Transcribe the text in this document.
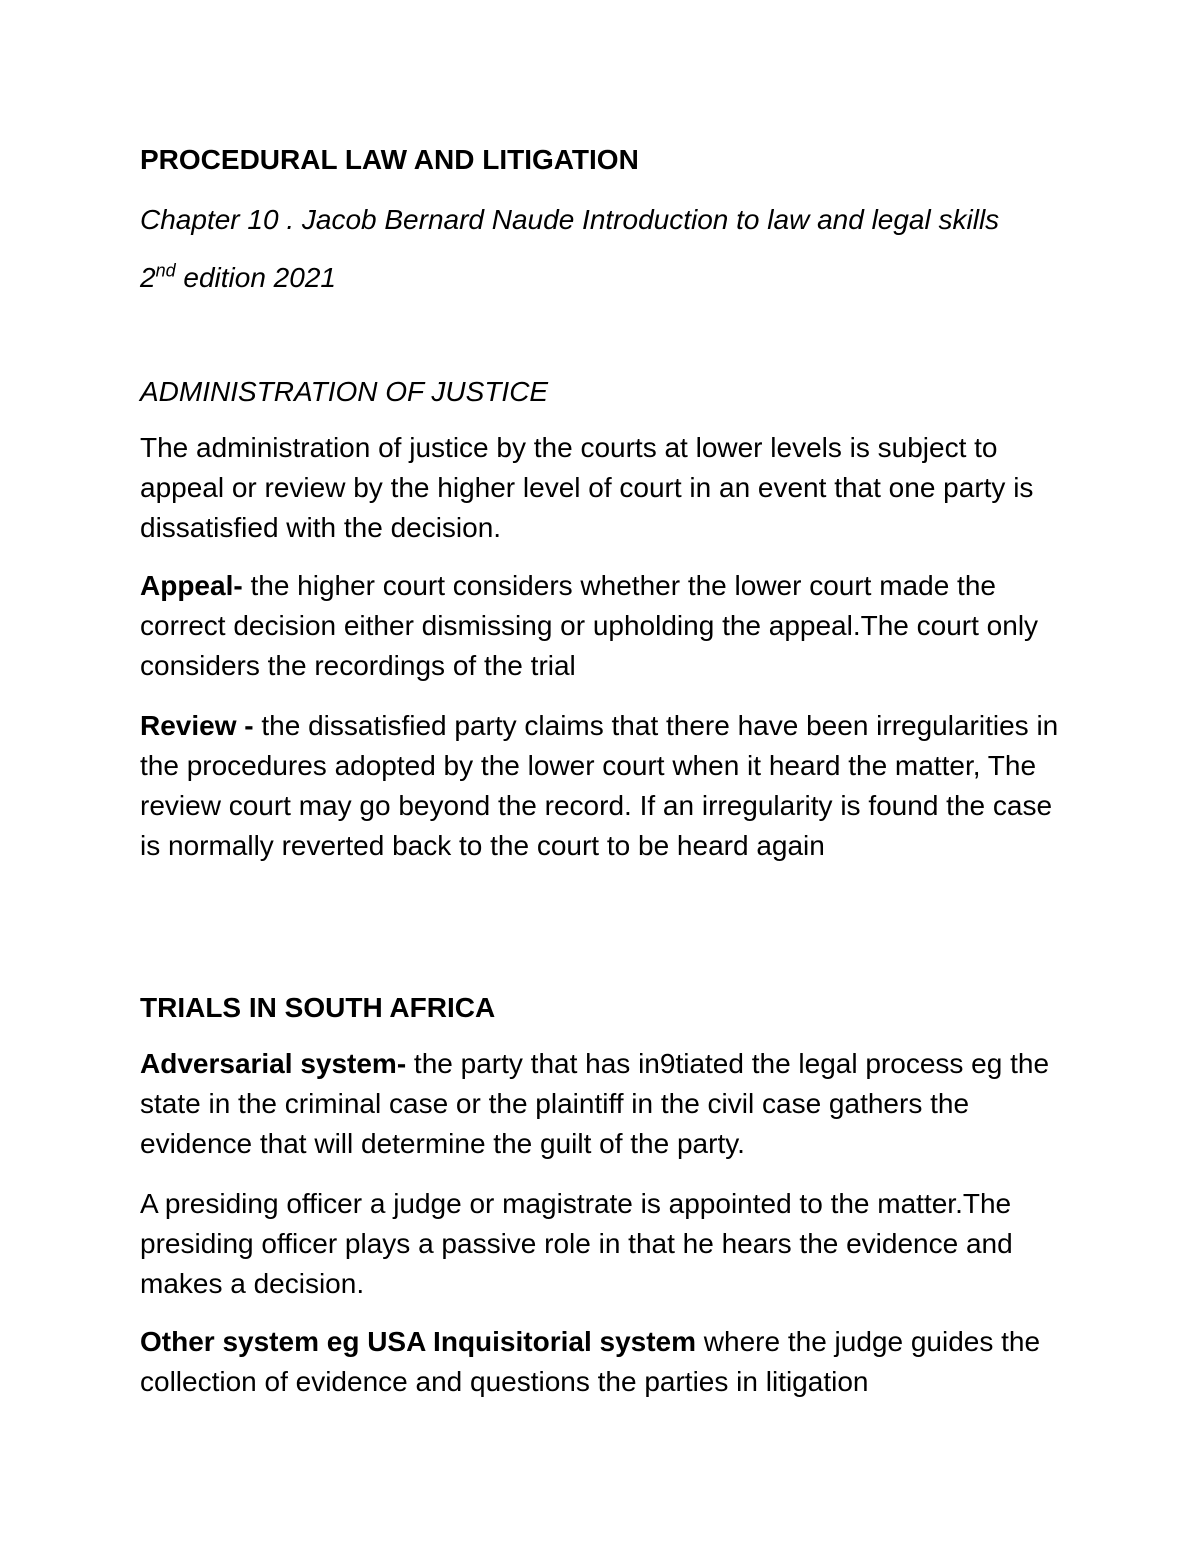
PROCEDURAL LAW AND LITIGATION

Chapter 10 . Jacob Bernard Naude Introduction to law and legal skills

2nd edition 2021

ADMINISTRATION OF JUSTICE

The administration of justice by the courts at lower levels is subject to appeal or review by the higher level of court in an event that one party is dissatisfied with the decision.

Appeal- the higher court considers whether the lower court made the correct decision either dismissing or upholding the appeal.The court only considers the recordings of the trial

Review - the dissatisfied party claims that there have been irregularities in the procedures adopted by the lower court when it heard the matter, The review court may go beyond the record. If an irregularity is found the case is normally reverted back to the court to be heard again

TRIALS IN SOUTH AFRICA

Adversarial system- the party that has in9tiated the legal process eg the state in the criminal case or the plaintiff in the civil case gathers the evidence that will determine the guilt of the party.

A presiding officer a judge or magistrate is appointed to the matter.The presiding officer plays a passive role in that he hears the evidence and makes a decision.

Other system eg USA Inquisitorial system where the judge guides the collection of evidence and questions the parties in litigation
